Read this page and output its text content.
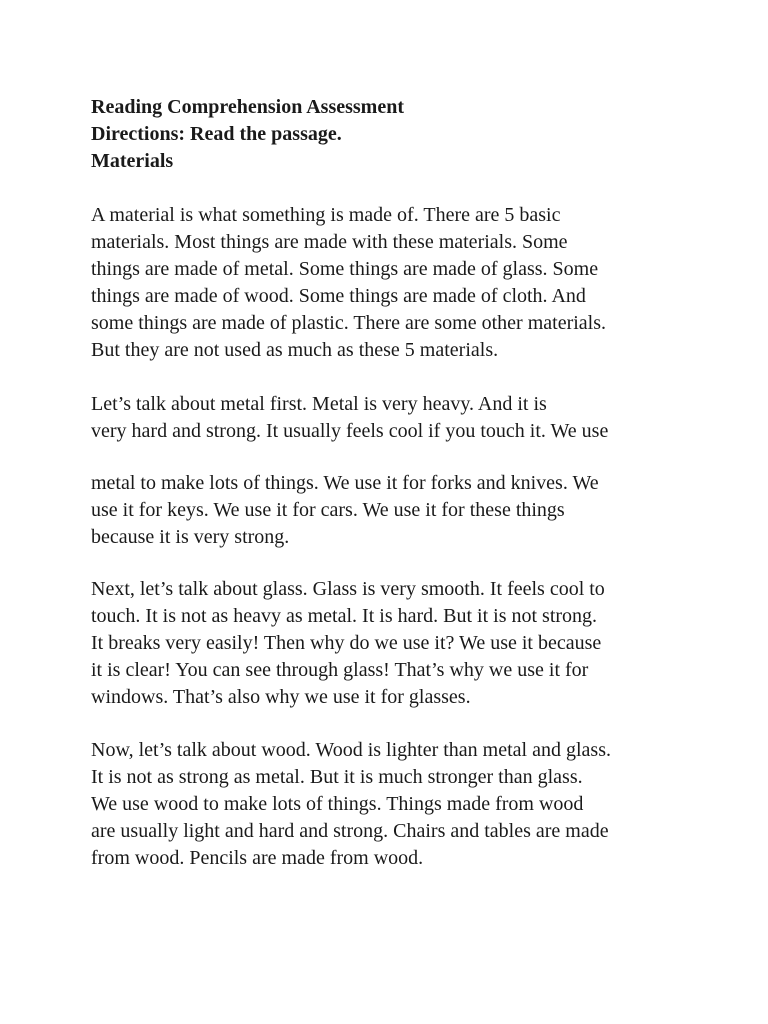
Reading Comprehension Assessment
Directions: Read the passage.
Materials
A material is what something is made of. There are 5 basic
materials. Most things are made with these materials. Some
things are made of metal. Some things are made of glass. Some
things are made of wood. Some things are made of cloth. And
some things are made of plastic. There are some other materials.
But they are not used as much as these 5 materials.
Let’s talk about metal first. Metal is very heavy. And it is
very hard and strong. It usually feels cool if you touch it. We use
metal to make lots of things. We use it for forks and knives. We
use it for keys. We use it for cars. We use it for these things
because it is very strong.
Next, let’s talk about glass. Glass is very smooth. It feels cool to
touch. It is not as heavy as metal. It is hard. But it is not strong.
It breaks very easily! Then why do we use it? We use it because
it is clear! You can see through glass! That’s why we use it for
windows. That’s also why we use it for glasses.
Now, let’s talk about wood. Wood is lighter than metal and glass.
It is not as strong as metal. But it is much stronger than glass.
We use wood to make lots of things. Things made from wood
are usually light and hard and strong. Chairs and tables are made
from wood. Pencils are made from wood.
